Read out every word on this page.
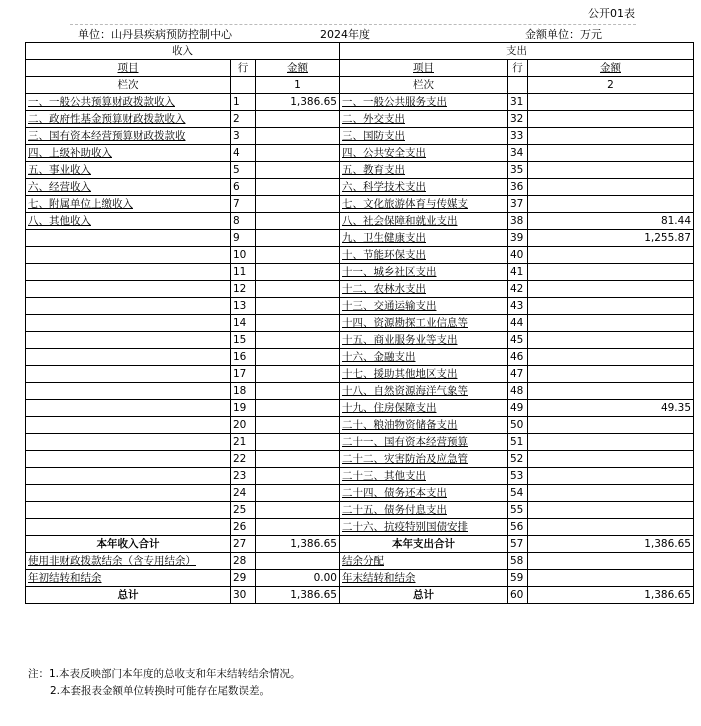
公开01表
单位：山丹县疾病预防控制中心	2024年度	金额单位：万元
收入			支出		
项目	行	金额	项目	行	金额
栏次		1	栏次		2
一、一般公共预算财政拨款收入	1	1,386.65	一、一般公共服务支出	31	
二、政府性基金预算财政拨款收入	2		二、外交支出	32	
三、国有资本经营预算财政拨款收	3		三、国防支出	33	
四、上级补助收入	4		四、公共安全支出	34	
五、事业收入	5		五、教育支出	35	
六、经营收入	6		六、科学技术支出	36	
七、附属单位上缴收入	7		七、文化旅游体育与传媒支	37	
八、其他收入	8		八、社会保障和就业支出	38	81.44
	9		九、卫生健康支出	39	1,255.87
	10		十、节能环保支出	40	
	11		十一、城乡社区支出	41	
	12		十二、农林水支出	42	
	13		十三、交通运输支出	43	
	14		十四、资源勘探工业信息等	44	
	15		十五、商业服务业等支出	45	
	16		十六、金融支出	46	
	17		十七、援助其他地区支出	47	
	18		十八、自然资源海洋气象等	48	
	19		十九、住房保障支出	49	49.35
	20		二十、粮油物资储备支出	50	
	21		二十一、国有资本经营预算	51	
	22		二十二、灾害防治及应急管	52	
	23		二十三、其他支出	53	
	24		二十四、债务还本支出	54	
	25		二十五、债务付息支出	55	
	26		二十六、抗疫特别国债安排	56	
本年收入合计	27	1,386.65	本年支出合计	57	1,386.65
使用非财政拨款结余（含专用结余）	28		结余分配	58	
年初结转和结余	29	0.00	年末结转和结余	59	
总计	30	1,386.65	总计	60	1,386.65
注：1.本表反映部门本年度的总收支和年末结转结余情况。
2.本套报表金额单位转换时可能存在尾数误差。
